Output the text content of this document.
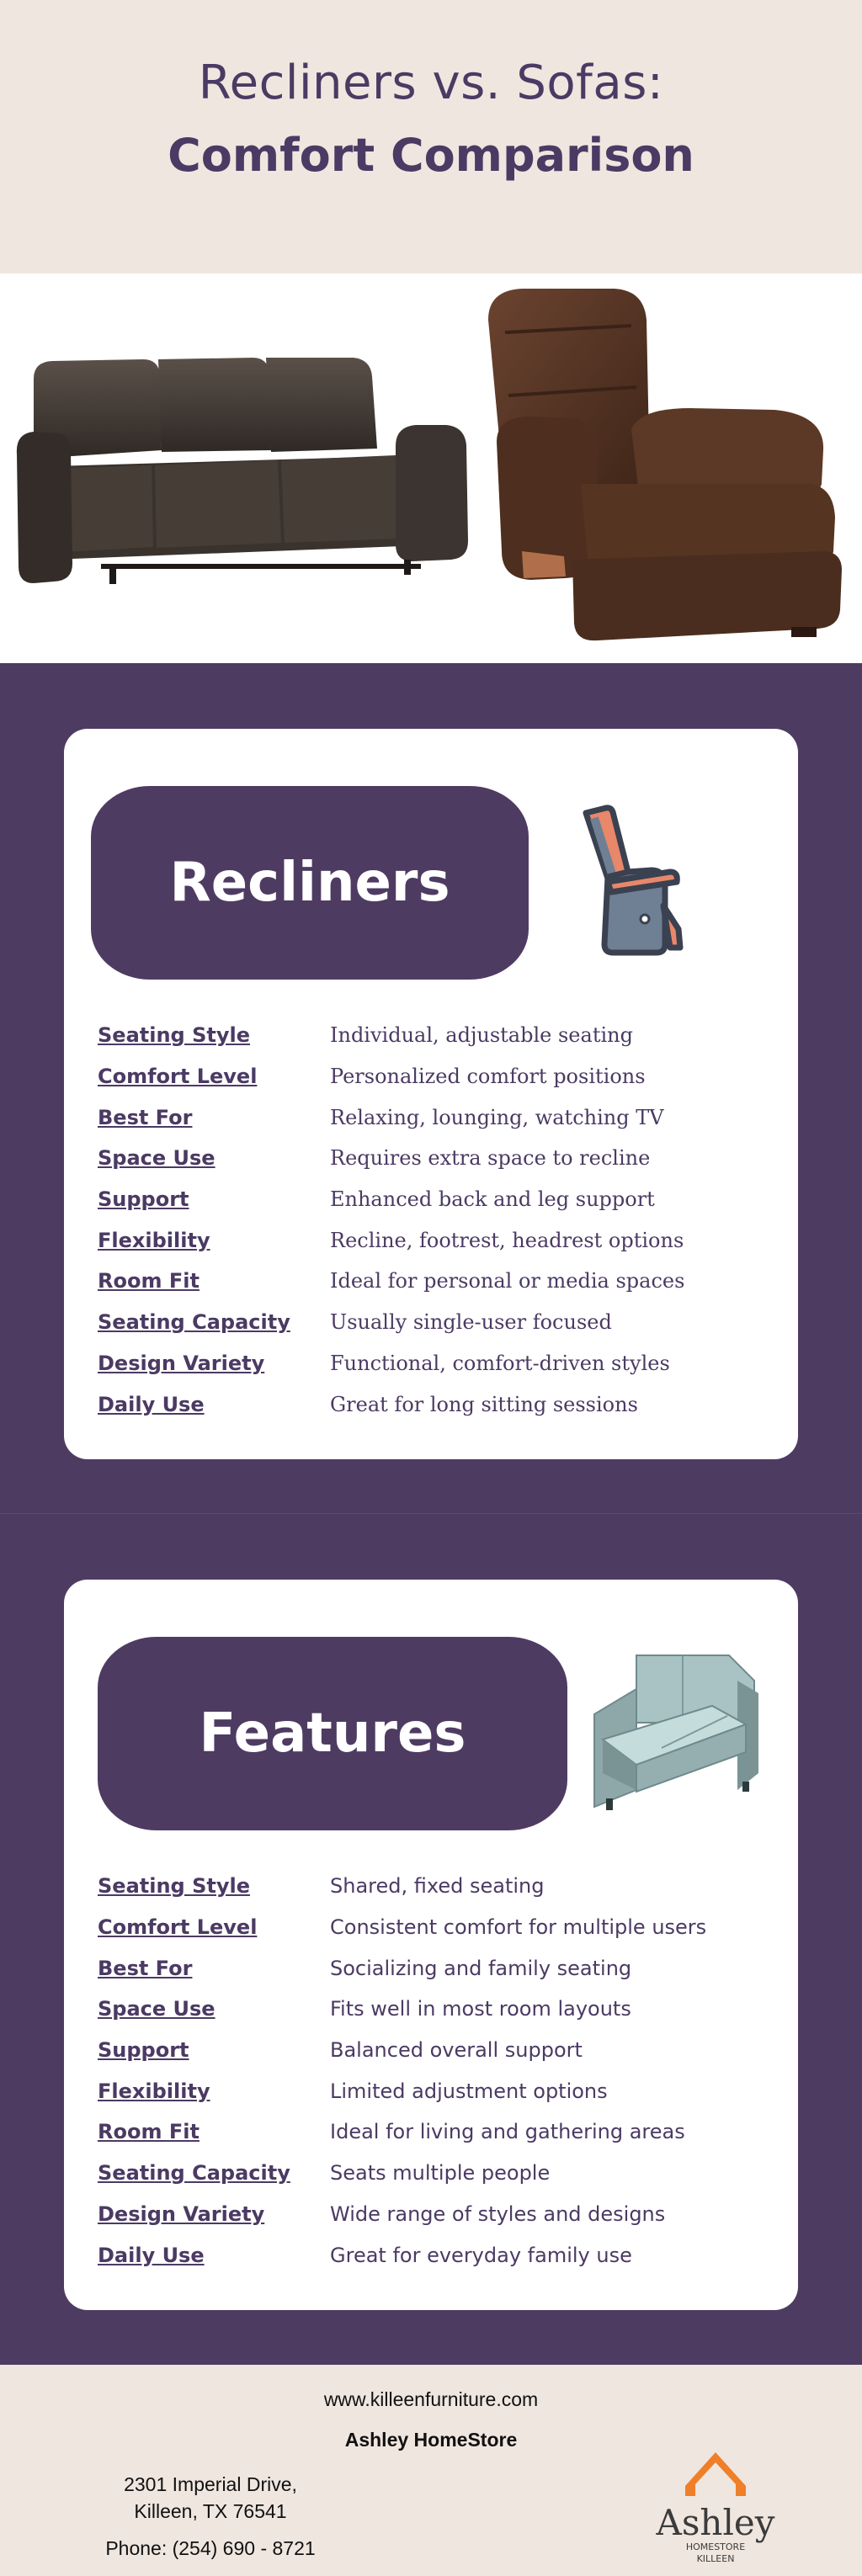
Recliners vs. Sofas:
Comfort Comparison
Recliners
Seating Style	Individual, adjustable seating
Comfort Level	Personalized comfort positions
Best For	Relaxing, lounging, watching TV
Space Use	Requires extra space to recline
Support	Enhanced back and leg support
Flexibility	Recline, footrest, headrest options
Room Fit	Ideal for personal or media spaces
Seating Capacity	Usually single-user focused
Design Variety	Functional, comfort-driven styles
Daily Use	Great for long sitting sessions
Features
Seating Style	Shared, fixed seating
Comfort Level	Consistent comfort for multiple users
Best For	Socializing and family seating
Space Use	Fits well in most room layouts
Support	Balanced overall support
Flexibility	Limited adjustment options
Room Fit	Ideal for living and gathering areas
Seating Capacity	Seats multiple people
Design Variety	Wide range of styles and designs
Daily Use	Great for everyday family use
www.killeenfurniture.com
Ashley HomeStore
2301 Imperial Drive,
Killeen, TX 76541
Phone: (254) 690 - 8721
Ashley
HOMESTORE
KILLEEN
